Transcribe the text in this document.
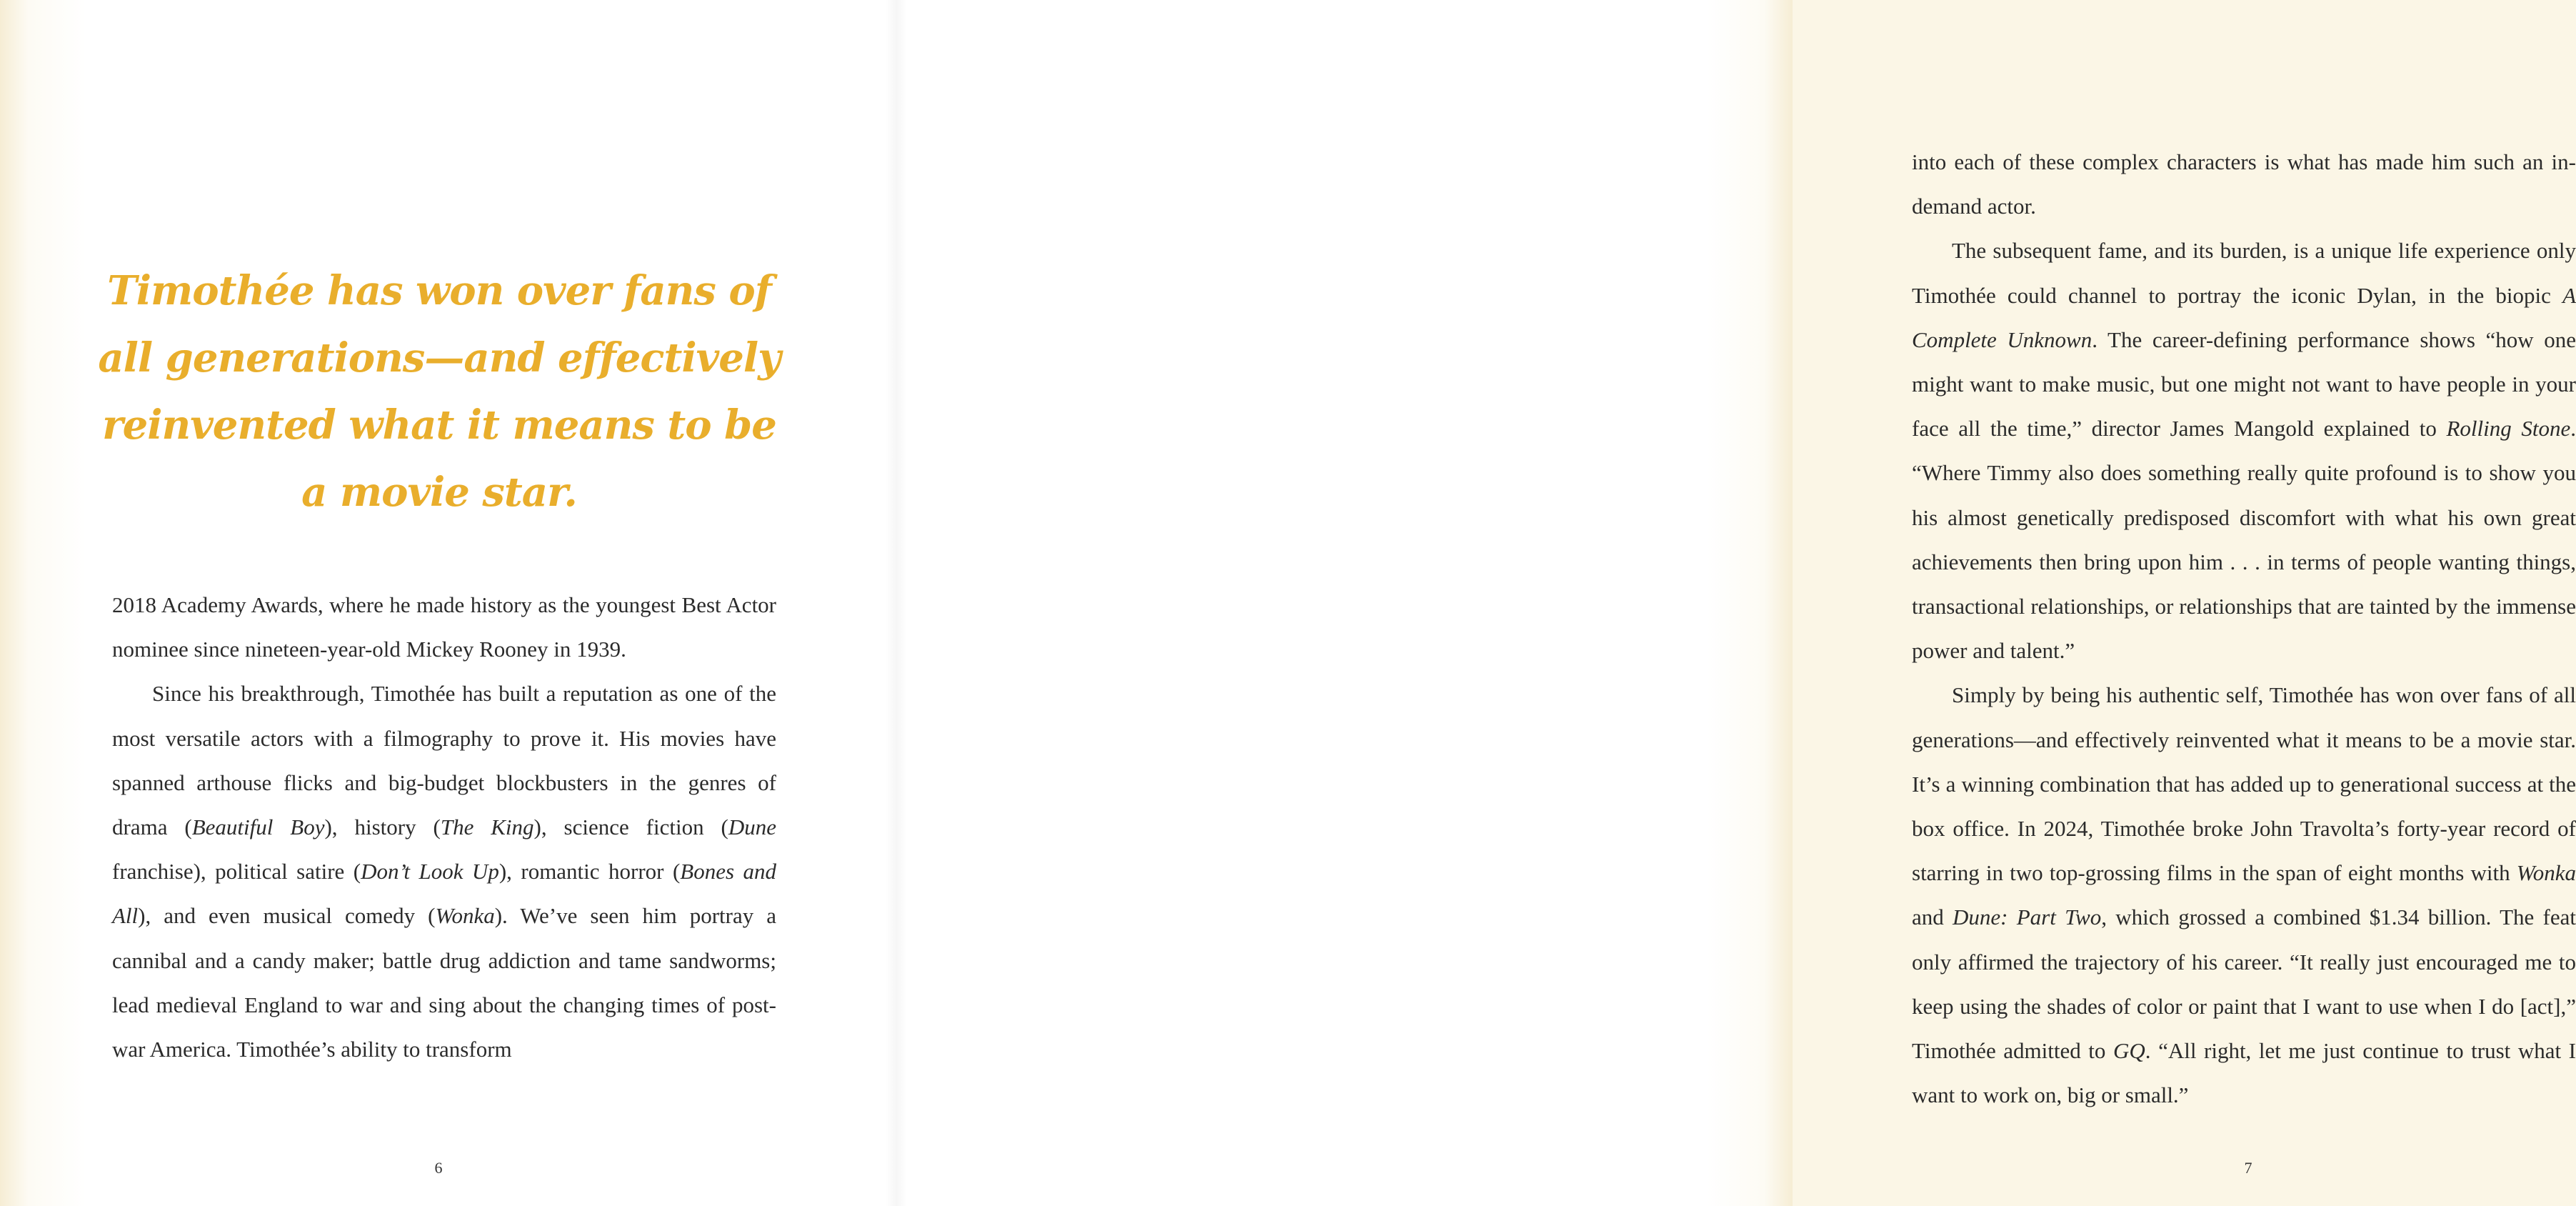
Timothée has won over fans of all generations—and effectively reinvented what it means to be a movie star.

2018 Academy Awards, where he made history as the youngest Best Actor nominee since nineteen-year-old Mickey Rooney in 1939.

Since his breakthrough, Timothée has built a reputation as one of the most versatile actors with a filmography to prove it. His movies have spanned arthouse flicks and big-budget blockbusters in the genres of drama (Beautiful Boy), history (The King), science fiction (Dune franchise), political satire (Don’t Look Up), romantic horror (Bones and All), and even musical comedy (Wonka). We’ve seen him portray a cannibal and a candy maker; battle drug addiction and tame sandworms; lead medieval England to war and sing about the changing times of post-war America. Timothée’s ability to transform

6

into each of these complex characters is what has made him such an in-demand actor.

The subsequent fame, and its burden, is a unique life experience only Timothée could channel to portray the iconic Dylan, in the biopic A Complete Unknown. The career-defining performance shows “how one might want to make music, but one might not want to have people in your face all the time,” director James Mangold explained to Rolling Stone. “Where Timmy also does something really quite profound is to show you his almost genetically predisposed discomfort with what his own great achievements then bring upon him . . . in terms of people wanting things, transactional relationships, or relationships that are tainted by the immense power and talent.”

Simply by being his authentic self, Timothée has won over fans of all generations—and effectively reinvented what it means to be a movie star. It’s a winning combination that has added up to generational success at the box office. In 2024, Timothée broke John Travolta’s forty-year record of starring in two top-grossing films in the span of eight months with Wonka and Dune: Part Two, which grossed a combined $1.34 billion. The feat only affirmed the trajectory of his career. “It really just encouraged me to keep using the shades of color or paint that I want to use when I do [act],” Timothée admitted to GQ. “All right, let me just continue to trust what I want to work on, big or small.”

7
